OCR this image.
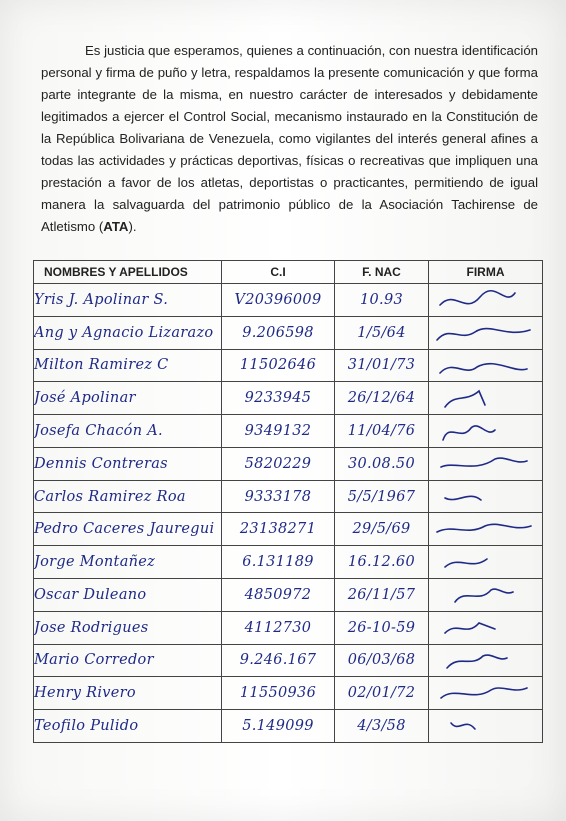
Es justicia que esperamos, quienes a continuación, con nuestra identificación personal y firma de puño y letra, respaldamos la presente comunicación y que forma parte integrante de la misma, en nuestro carácter de interesados y debidamente legitimados a ejercer el Control Social, mecanismo instaurado en la Constitución de la República Bolivariana de Venezuela, como vigilantes del interés general afines a todas las actividades y prácticas deportivas, físicas o recreativas que impliquen una prestación a favor de los atletas, deportistas o practicantes, permitiendo de igual manera la salvaguarda del patrimonio público de la Asociación Tachirense de Atletismo (ATA).

NOMBRES Y APELLIDOS	C.I	F. NAC	FIRMA
Yris J. Apolinar S.	V20396009	10.93	

Ang y Agnacio Lizarazo	9.206598	1/5/64	

Milton Ramirez C	11502646	31/01/73	

José Apolinar	9233945	26/12/64	

Josefa Chacón A.	9349132	11/04/76	

Dennis Contreras	5820229	30.08.50	

Carlos Ramirez Roa	9333178	5/5/1967	

Pedro Caceres Jauregui	23138271	29/5/69	

Jorge Montañez	6.131189	16.12.60	

Oscar Duleano	4850972	26/11/57	

Jose Rodrigues	4112730	26-10-59	

Mario Corredor	9.246.167	06/03/68	

Henry Rivero	11550936	02/01/72	

Teofilo Pulido	5.149099	4/3/58	
